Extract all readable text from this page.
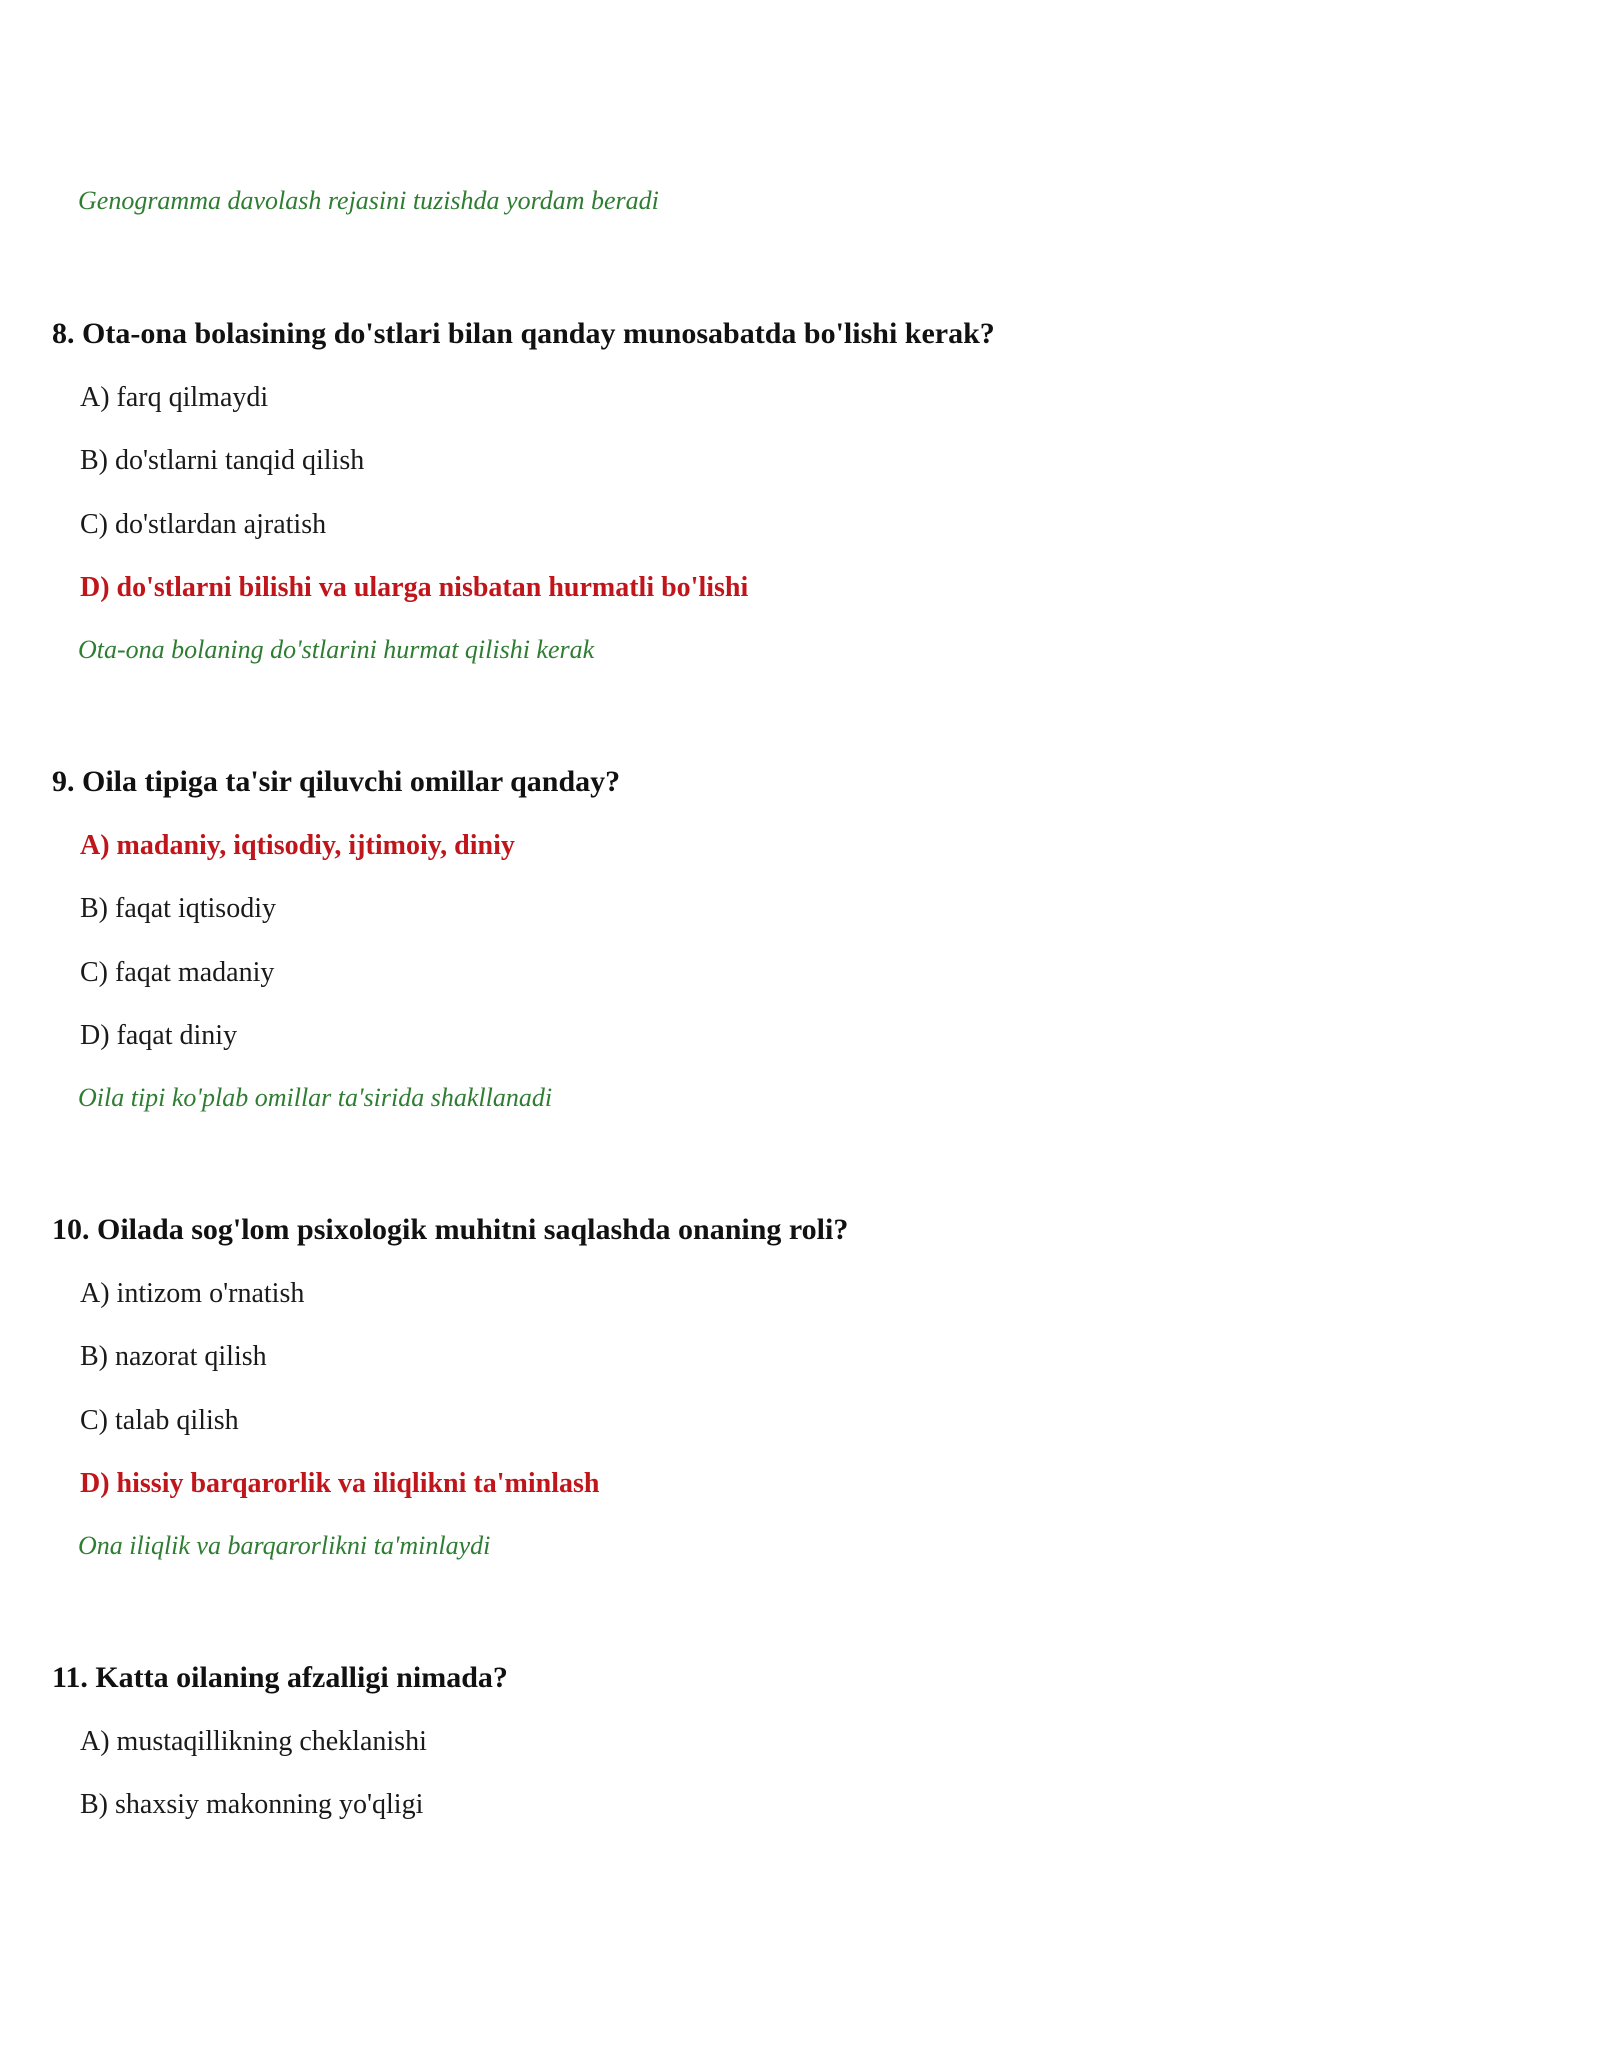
Genogramma davolash rejasini tuzishda yordam beradi
8. Ota-ona bolasining do'stlari bilan qanday munosabatda bo'lishi kerak?
A) farq qilmaydi
B) do'stlarni tanqid qilish
C) do'stlardan ajratish
D) do'stlarni bilishi va ularga nisbatan hurmatli bo'lishi
Ota-ona bolaning do'stlarini hurmat qilishi kerak
9. Oila tipiga ta'sir qiluvchi omillar qanday?
A) madaniy, iqtisodiy, ijtimoiy, diniy
B) faqat iqtisodiy
C) faqat madaniy
D) faqat diniy
Oila tipi ko'plab omillar ta'sirida shakllanadi
10. Oilada sog'lom psixologik muhitni saqlashda onaning roli?
A) intizom o'rnatish
B) nazorat qilish
C) talab qilish
D) hissiy barqarorlik va iliqlikni ta'minlash
Ona iliqlik va barqarorlikni ta'minlaydi
11. Katta oilaning afzalligi nimada?
A) mustaqillikning cheklanishi
B) shaxsiy makonning yo'qligi
